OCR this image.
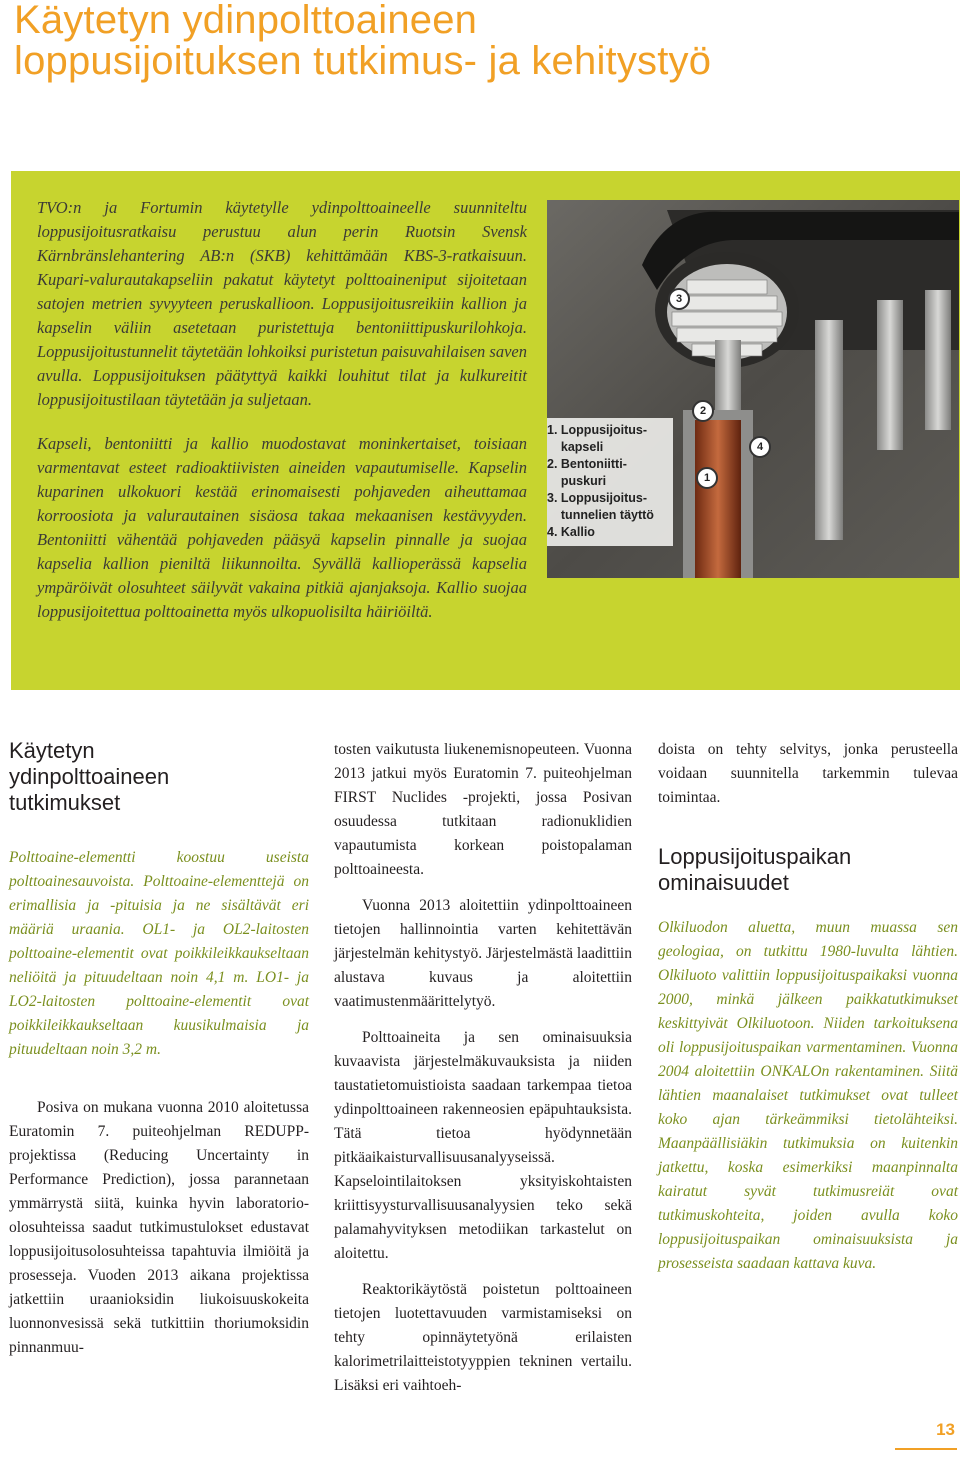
Käytetyn ydinpolttoaineen
loppusijoituksen tutkimus- ja kehitystyö

TVO:n ja Fortumin käytetylle ydinpolttoaineelle suunniteltu loppusijoitusratkaisu perustuu alun perin Ruotsin Svensk Kärnbränslehantering AB:n (SKB) kehittämään KBS-3-ratkaisuun. Kupari-valurautakapseliin pakatut käytetyt polttoaineniput sijoitetaan satojen metrien syvyyteen peruskallioon. Loppusijoitusreikiin kallion ja kapselin väliin asetetaan puristettuja bentoniittipuskurilohkoja. Loppusijoitustunnelit täytetään lohkoiksi puristetun paisuvahilaisen saven avulla. Loppusijoituksen päätyttyä kaikki louhitut tilat ja kulkureitit loppusijoitustilaan täytetään ja suljetaan.

Kapseli, bentoniitti ja kallio muodostavat moninkertaiset, toisiaan varmentavat esteet radioaktiivisten aineiden vapautumiselle. Kapselin kuparinen ulkokuori kestää erinomaisesti pohjaveden aiheuttamaa korroosiota ja valurautainen sisäosa takaa mekaanisen kestävyyden. Bentoniitti vähentää pohjaveden pääsyä kapselin pinnalle ja suojaa kapselia kallion pieniltä liikunnoilta. Syvällä kallioperässä kapselia ympäröivät olosuhteet säilyvät vakaina pitkiä ajanjaksoja. Kallio suojaa loppusijoitettua polttoainetta myös ulkopuolisilta häiriöiltä.

1. Loppusijoitus-
kapseli
2. Bentoniitti-
puskuri
3. Loppusijoitus-
tunnelien täyttö
4. Kallio
3
2
1
4
Käytetyn ydinpolttoaineen tutkimukset

Polttoaine-elementti koostuu useista polttoainesauvoista. Polttoaine-elementtejä on erimallisia ja -pituisia ja ne sisältävät eri määriä uraania. OL1- ja OL2-laitosten polttoaine-elementit ovat poikkileikkaukseltaan neliöitä ja pituudeltaan noin 4,1 m. LO1- ja LO2-laitosten polttoaine-elementit ovat poikkileikkaukseltaan kuusikulmaisia ja pituudeltaan noin 3,2 m.

Posiva on mukana vuonna 2010 aloitetussa Euratomin 7. puiteohjelman REDUPP-projektissa (Reducing Uncertainty in Performance Prediction), jossa parannetaan ymmärrystä siitä, kuinka hyvin laboratorio-olosuhteissa saadut tutkimustulokset edustavat loppusijoitusolosuhteissa tapahtuvia ilmiöitä ja prosesseja. Vuoden 2013 aikana projektissa jatkettiin uraanioksidin liukoisuuskokeita luonnonvesissä sekä tutkittiin thoriumoksidin pinnanmuu-

tosten vaikutusta liukenemisnopeuteen. Vuonna 2013 jatkui myös Euratomin 7. puiteohjelman FIRST Nuclides -projekti, jossa Posivan osuudessa tutkitaan radionuklidien vapautumista korkean poistopalaman polttoaineesta.

Vuonna 2013 aloitettiin ydinpolttoaineen tietojen hallinnointia varten kehitettävän järjestelmän kehitystyö. Järjestelmästä laadittiin alustava kuvaus ja aloitettiin vaatimustenmäärittelytyö.

Polttoaineita ja sen ominaisuuksia kuvaavista järjestelmäkuvauksista ja niiden taustatietomuistioista saadaan tarkempaa tietoa ydinpolttoaineen rakenneosien epäpuhtauksista. Tätä tietoa hyödynnetään pitkäaikaisturvallisuusanalyyseissä. Kapselointilaitoksen yksityiskohtaisten kriittisyysturvallisuusanalyysien teko sekä palamahyvityksen metodiikan tarkastelut on aloitettu.

Reaktorikäytöstä poistetun polttoaineen tietojen luotettavuuden varmistamiseksi on tehty opinnäytetyönä erilaisten kalorimetrilaitteistotyyppien tekninen vertailu. Lisäksi eri vaihtoeh-

doista on tehty selvitys, jonka perusteella voidaan suunnitella tarkemmin tulevaa toimintaa.

Loppusijoituspaikan ominaisuudet

Olkiluodon aluetta, muun muassa sen geologiaa, on tutkittu 1980-luvulta lähtien. Olkiluoto valittiin loppusijoituspaikaksi vuonna 2000, minkä jälkeen paikkatutkimukset keskittyivät Olkiluotoon. Niiden tarkoituksena oli loppusijoituspaikan varmentaminen. Vuonna 2004 aloitettiin ONKALOn rakentaminen. Siitä lähtien maanalaiset tutkimukset ovat tulleet koko ajan tärkeämmiksi tietolähteiksi. Maanpäällisiäkin tutkimuksia on kuitenkin jatkettu, koska esimerkiksi maanpinnalta kairatut syvät tutkimusreiät ovat tutkimuskohteita, joiden avulla koko loppusijoituspaikan ominaisuuksista ja prosesseista saadaan kattava kuva.

13
